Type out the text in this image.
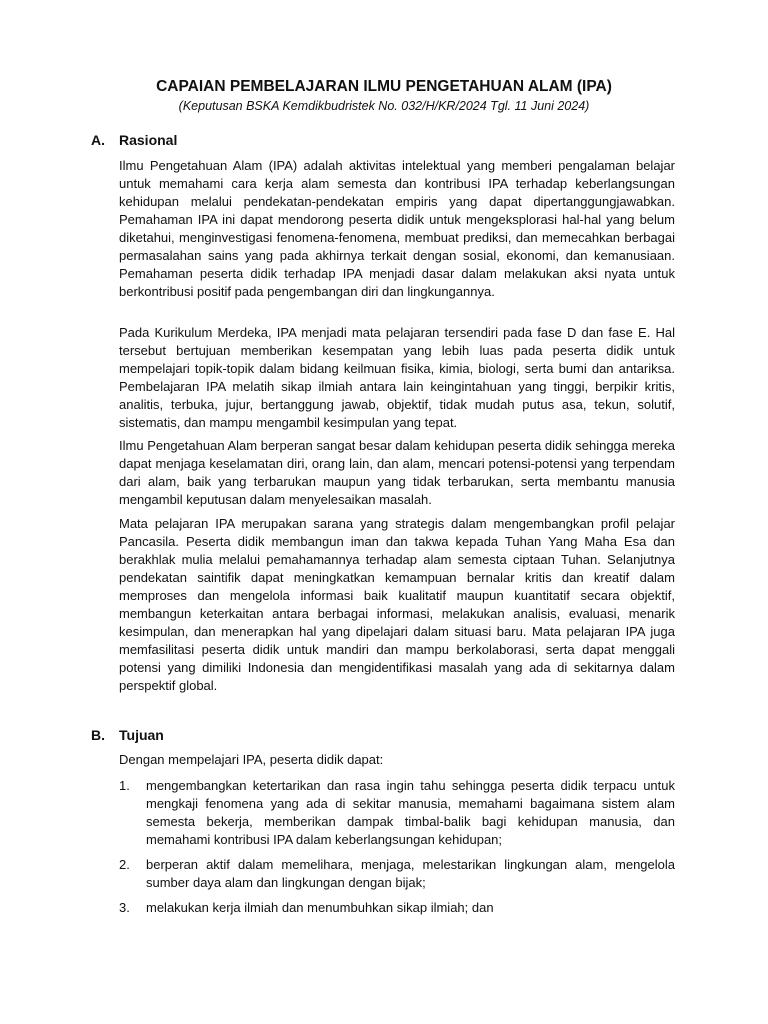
CAPAIAN PEMBELAJARAN ILMU PENGETAHUAN ALAM (IPA)
(Keputusan BSKA Kemdikbudristek No. 032/H/KR/2024 Tgl. 11 Juni 2024)
A. Rasional

Ilmu Pengetahuan Alam (IPA) adalah aktivitas intelektual yang memberi pengalaman belajar untuk memahami cara kerja alam semesta dan kontribusi IPA terhadap keberlangsungan kehidupan melalui pendekatan-pendekatan empiris yang dapat dipertanggungjawabkan. Pemahaman IPA ini dapat mendorong peserta didik untuk mengeksplorasi hal-hal yang belum diketahui, menginvestigasi fenomena-fenomena, membuat prediksi, dan memecahkan berbagai permasalahan sains yang pada akhirnya terkait dengan sosial, ekonomi, dan kemanusiaan. Pemahaman peserta didik terhadap IPA menjadi dasar dalam melakukan aksi nyata untuk berkontribusi positif pada pengembangan diri dan lingkungannya.

Pada Kurikulum Merdeka, IPA menjadi mata pelajaran tersendiri pada fase D dan fase E. Hal tersebut bertujuan memberikan kesempatan yang lebih luas pada peserta didik untuk mempelajari topik-topik dalam bidang keilmuan fisika, kimia, biologi, serta bumi dan antariksa. Pembelajaran IPA melatih sikap ilmiah antara lain keingintahuan yang tinggi, berpikir kritis, analitis, terbuka, jujur, bertanggung jawab, objektif, tidak mudah putus asa, tekun, solutif, sistematis, dan mampu mengambil kesimpulan yang tepat.

Ilmu Pengetahuan Alam berperan sangat besar dalam kehidupan peserta didik sehingga mereka dapat menjaga keselamatan diri, orang lain, dan alam, mencari potensi-potensi yang terpendam dari alam, baik yang terbarukan maupun yang tidak terbarukan, serta membantu manusia mengambil keputusan dalam menyelesaikan masalah.

Mata pelajaran IPA merupakan sarana yang strategis dalam mengembangkan profil pelajar Pancasila. Peserta didik membangun iman dan takwa kepada Tuhan Yang Maha Esa dan berakhlak mulia melalui pemahamannya terhadap alam semesta ciptaan Tuhan. Selanjutnya pendekatan saintifik dapat meningkatkan kemampuan bernalar kritis dan kreatif dalam memproses dan mengelola informasi baik kualitatif maupun kuantitatif secara objektif, membangun keterkaitan antara berbagai informasi, melakukan analisis, evaluasi, menarik kesimpulan, dan menerapkan hal yang dipelajari dalam situasi baru. Mata pelajaran IPA juga memfasilitasi peserta didik untuk mandiri dan mampu berkolaborasi, serta dapat menggali potensi yang dimiliki Indonesia dan mengidentifikasi masalah yang ada di sekitarnya dalam perspektif global.

B. Tujuan

Dengan mempelajari IPA, peserta didik dapat:

1.	mengembangkan ketertarikan dan rasa ingin tahu sehingga peserta didik terpacu untuk mengkaji fenomena yang ada di sekitar manusia, memahami bagaimana sistem alam semesta bekerja, memberikan dampak timbal-balik bagi kehidupan manusia, dan memahami kontribusi IPA dalam keberlangsungan kehidupan;
2.	berperan aktif dalam memelihara, menjaga, melestarikan lingkungan alam, mengelola sumber daya alam dan lingkungan dengan bijak;
3.	melakukan kerja ilmiah dan menumbuhkan sikap ilmiah; dan
